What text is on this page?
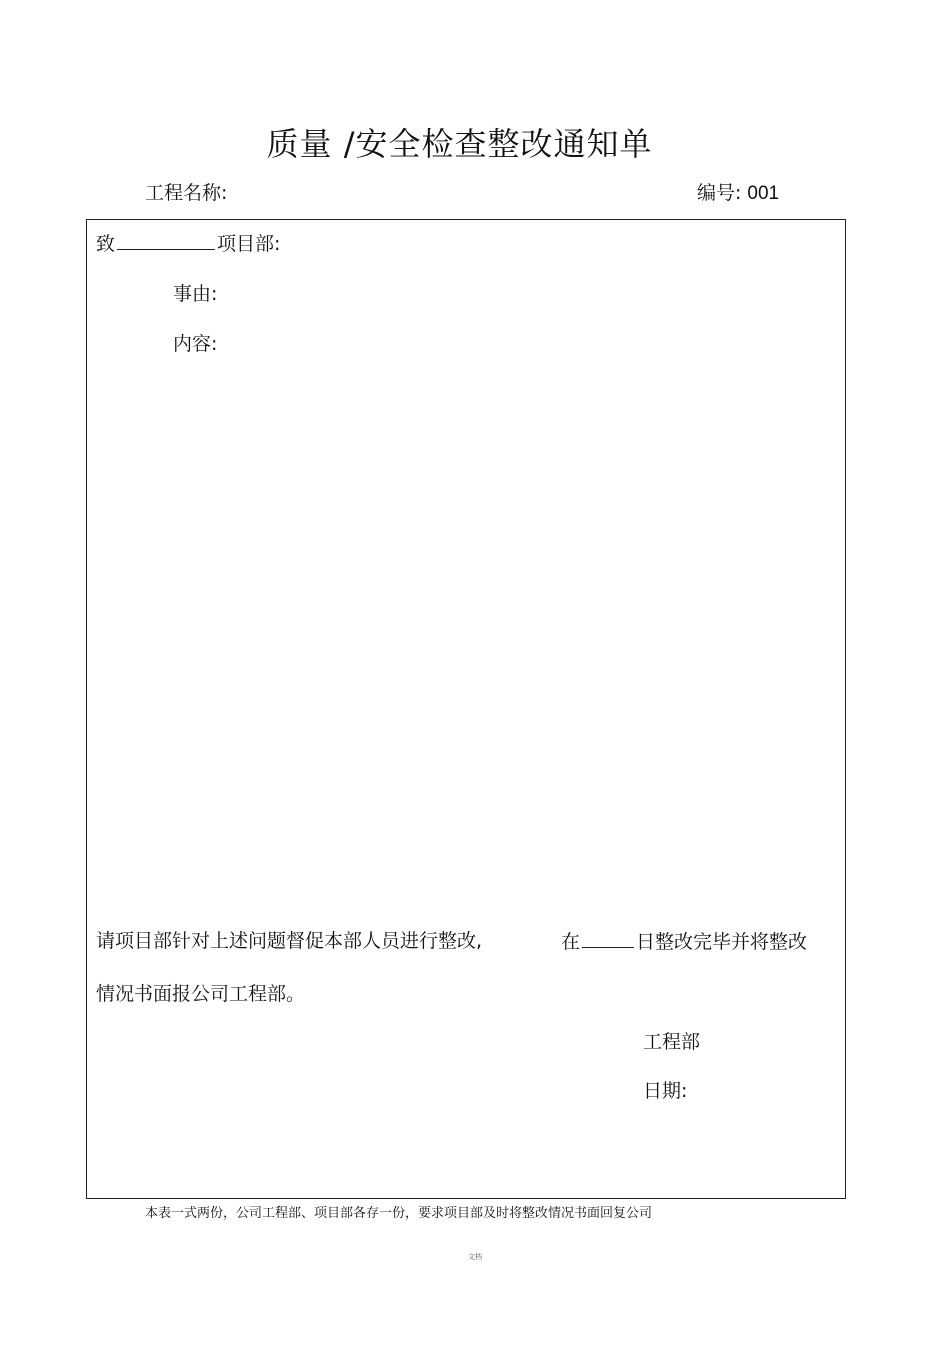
质量 /安全检查整改通知单
工程名称:	编号: 001
致	项目部:
事由:
内容:
请项目部针对上述问题督促本部人员进行整改,	在	日整改完毕并将整改
情况书面报公司工程部。
工程部
日期:
本表一式两份，公司工程部、项目部各存一份，要求项目部及时将整改情况书面回复公司
文档
